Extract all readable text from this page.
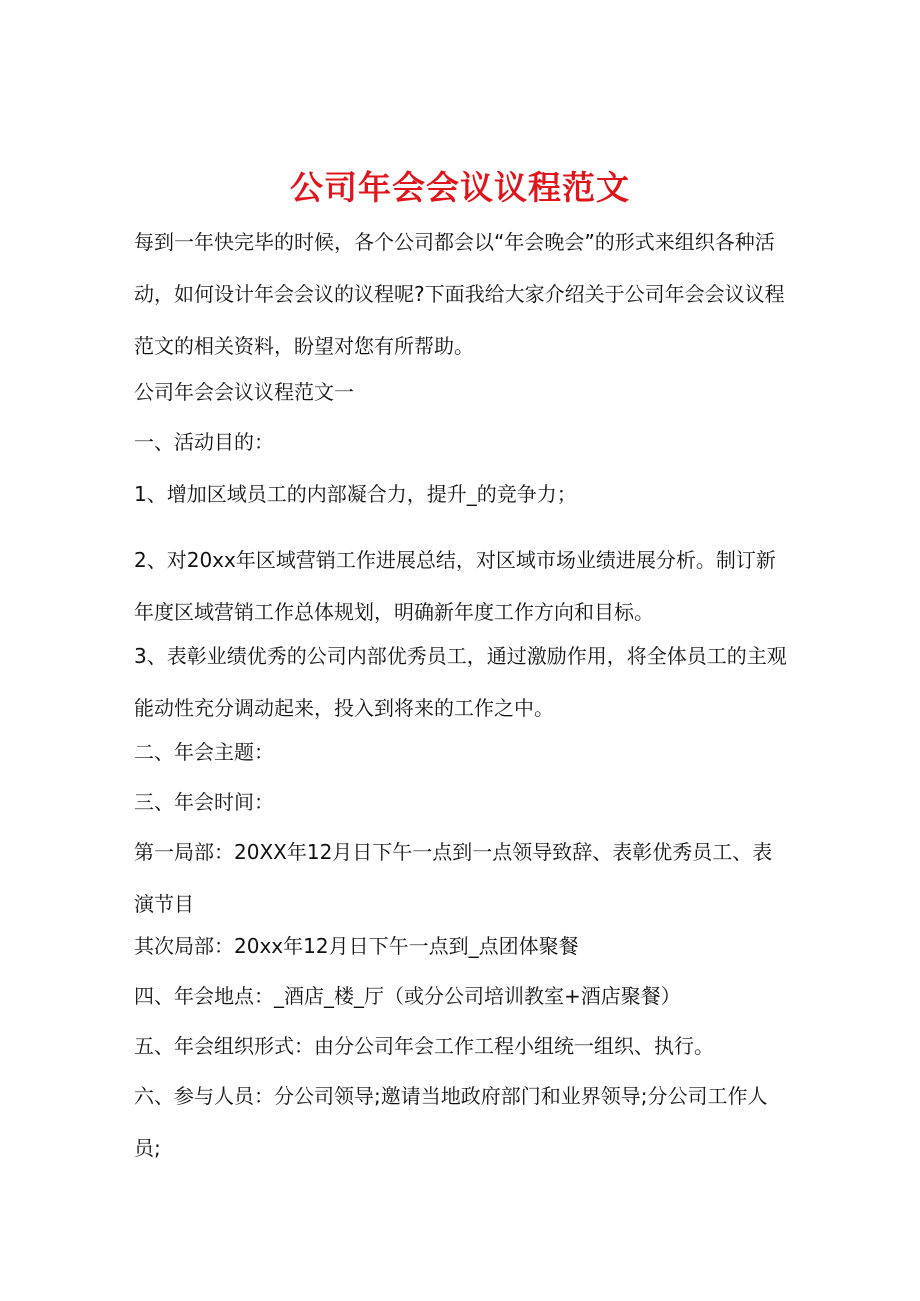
公司年会会议议程范文

每到一年快完毕的时候，各个公司都会以“年会晚会”的形式来组织各种活动，如何设计年会会议的议程呢?下面我给大家介绍关于公司年会会议议程范文的相关资料，盼望对您有所帮助。

公司年会会议议程范文一

一、活动目的：

1、增加区域员工的内部凝合力，提升_的竞争力；

2、对20xx年区域营销工作进展总结，对区域市场业绩进展分析。制订新年度区域营销工作总体规划，明确新年度工作方向和目标。

3、表彰业绩优秀的公司内部优秀员工，通过激励作用，将全体员工的主观能动性充分调动起来，投入到将来的工作之中。

二、年会主题：

三、年会时间：

第一局部：20XX年12月日下午一点到一点领导致辞、表彰优秀员工、表演节目

其次局部：20xx年12月日下午一点到_点团体聚餐

四、年会地点：_酒店_楼_厅（或分公司培训教室+酒店聚餐）

五、年会组织形式：由分公司年会工作工程小组统一组织、执行。

六、参与人员：分公司领导;邀请当地政府部门和业界领导;分公司工作人员;
